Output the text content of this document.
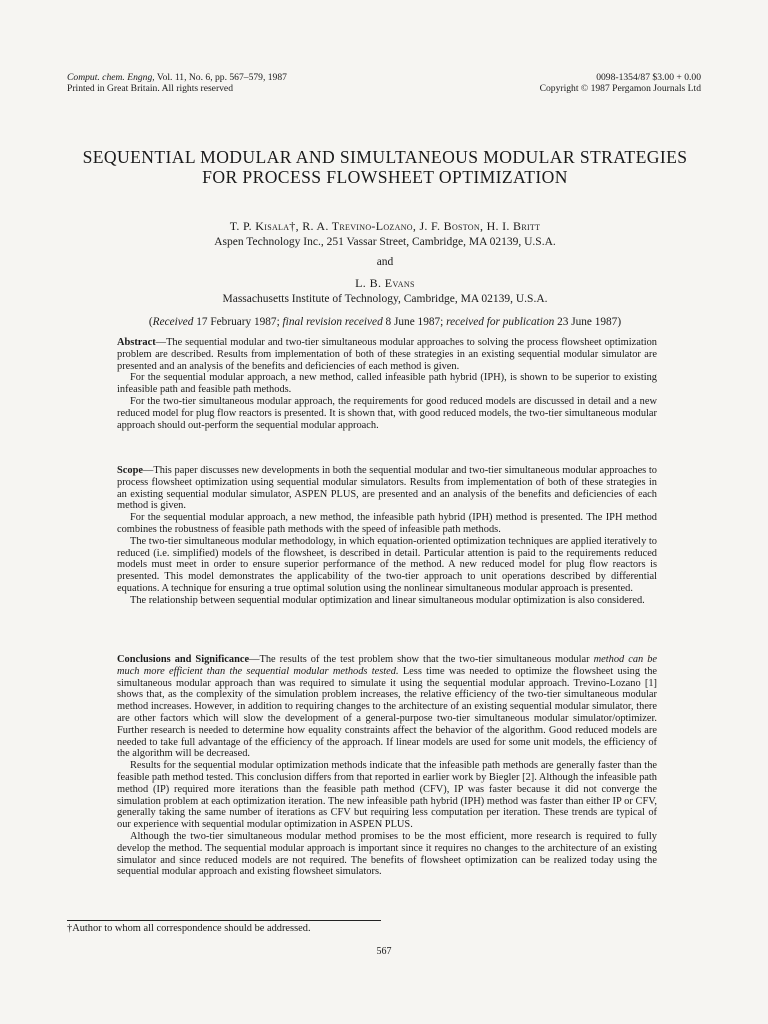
Comput. chem. Engng, Vol. 11, No. 6, pp. 567–579, 1987
Printed in Great Britain. All rights reserved
0098-1354/87 $3.00 + 0.00
Copyright © 1987 Pergamon Journals Ltd
SEQUENTIAL MODULAR AND SIMULTANEOUS MODULAR STRATEGIES FOR PROCESS FLOWSHEET OPTIMIZATION
T. P. Kisala†, R. A. Trevino-Lozano, J. F. Boston, H. I. Britt
Aspen Technology Inc., 251 Vassar Street, Cambridge, MA 02139, U.S.A.
and
L. B. Evans
Massachusetts Institute of Technology, Cambridge, MA 02139, U.S.A.
(Received 17 February 1987; final revision received 8 June 1987; received for publication 23 June 1987)

Abstract—The sequential modular and two-tier simultaneous modular approaches to solving the process flowsheet optimization problem are described. Results from implementation of both of these strategies in an existing sequential modular simulator are presented and an analysis of the benefits and deficiencies of each method is given.

For the sequential modular approach, a new method, called infeasible path hybrid (IPH), is shown to be superior to existing infeasible path and feasible path methods.

For the two-tier simultaneous modular approach, the requirements for good reduced models are discussed in detail and a new reduced model for plug flow reactors is presented. It is shown that, with good reduced models, the two-tier simultaneous modular approach should out-perform the sequential modular approach.

Scope—This paper discusses new developments in both the sequential modular and two-tier simultaneous modular approaches to process flowsheet optimization using sequential modular simulators. Results from implementation of both of these strategies in an existing sequential modular simulator, ASPEN PLUS, are presented and an analysis of the benefits and deficiencies of each method is given.

For the sequential modular approach, a new method, the infeasible path hybrid (IPH) method is presented. The IPH method combines the robustness of feasible path methods with the speed of infeasible path methods.

The two-tier simultaneous modular methodology, in which equation-oriented optimization techniques are applied iteratively to reduced (i.e. simplified) models of the flowsheet, is described in detail. Particular attention is paid to the requirements reduced models must meet in order to ensure superior performance of the method. A new reduced model for plug flow reactors is presented. This model demonstrates the applicability of the two-tier approach to unit operations described by differential equations. A technique for ensuring a true optimal solution using the nonlinear simultaneous modular approach is presented.

The relationship between sequential modular optimization and linear simultaneous modular optimization is also considered.

Conclusions and Significance—The results of the test problem show that the two-tier simultaneous modular method can be much more efficient than the sequential modular methods tested. Less time was needed to optimize the flowsheet using the simultaneous modular approach than was required to simulate it using the sequential modular approach. Trevino-Lozano [1] shows that, as the complexity of the simulation problem increases, the relative efficiency of the two-tier simultaneous modular method increases. However, in addition to requiring changes to the architecture of an existing sequential modular simulator, there are other factors which will slow the development of a general-purpose two-tier simultaneous modular simulator/optimizer. Further research is needed to determine how equality constraints affect the behavior of the algorithm. Good reduced models are needed to take full advantage of the efficiency of the approach. If linear models are used for some unit models, the efficiency of the algorithm will be decreased.

Results for the sequential modular optimization methods indicate that the infeasible path methods are generally faster than the feasible path method tested. This conclusion differs from that reported in earlier work by Biegler [2]. Although the infeasible path method (IP) required more iterations than the feasible path method (CFV), IP was faster because it did not converge the simulation problem at each optimization iteration. The new infeasible path hybrid (IPH) method was faster than either IP or CFV, generally taking the same number of iterations as CFV but requiring less computation per iteration. These trends are typical of our experience with sequential modular optimization in ASPEN PLUS.

Although the two-tier simultaneous modular method promises to be the most efficient, more research is required to fully develop the method. The sequential modular approach is important since it requires no changes to the architecture of an existing simulator and since reduced models are not required. The benefits of flowsheet optimization can be realized today using the sequential modular approach and existing flowsheet simulators.

†Author to whom all correspondence should be addressed.
567
